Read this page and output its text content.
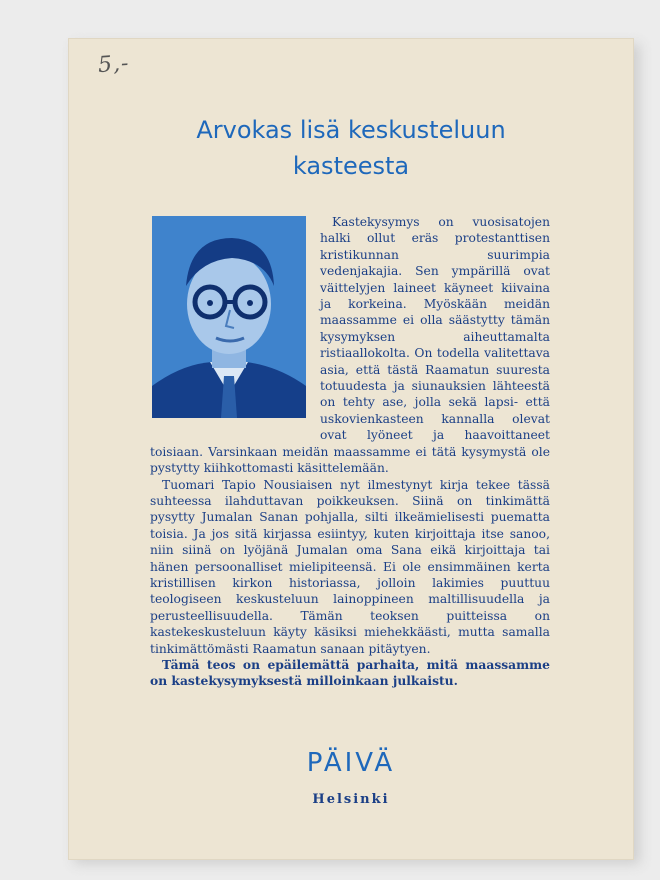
5,-
Arvokas lisä keskusteluun
kasteesta

Kastekysymys on vuosisatojen halki ollut eräs protestanttisen kristikunnan suurimpia vedenjakajia. Sen ympärillä ovat väittelyjen laineet käyneet kiivaina ja korkeina. Myöskään meidän maassamme ei olla säästytty tämän kysymyksen aiheuttamalta ristiaallokolta. On todella valitettava asia, että tästä Raamatun suuresta totuudesta ja siunauksien lähteestä on tehty ase, jolla sekä lapsi- että uskovienkasteen kannalla olevat ovat lyöneet ja haavoittaneet toisiaan. Varsinkaan meidän maassamme ei tätä kysymystä ole pystytty kiihkottomasti käsittelemään.

Tuomari Tapio Nousiaisen nyt ilmestynyt kirja tekee tässä suhteessa ilahduttavan poikkeuksen. Siinä on tinkimättä pysytty Jumalan Sanan pohjalla, silti ilkeämielisesti puematta toisia. Ja jos sitä kirjassa esiintyy, kuten kirjoittaja itse sanoo, niin siinä on lyöjänä Jumalan oma Sana eikä kirjoittaja tai hänen persoonalliset mielipiteensä. Ei ole ensimmäinen kerta kristillisen kirkon historiassa, jolloin lakimies puuttuu teologiseen keskusteluun lainoppineen maltillisuudella ja perusteellisuudella. Tämän teoksen puitteissa on kastekeskusteluun käyty käsiksi miehekkäästi, mutta samalla tinkimättömästi Raamatun sanaan pitäytyen.

Tämä teos on epäilemättä parhaita, mitä maassamme on kastekysymyksestä milloinkaan julkaistu.

PÄIVÄ
Helsinki
